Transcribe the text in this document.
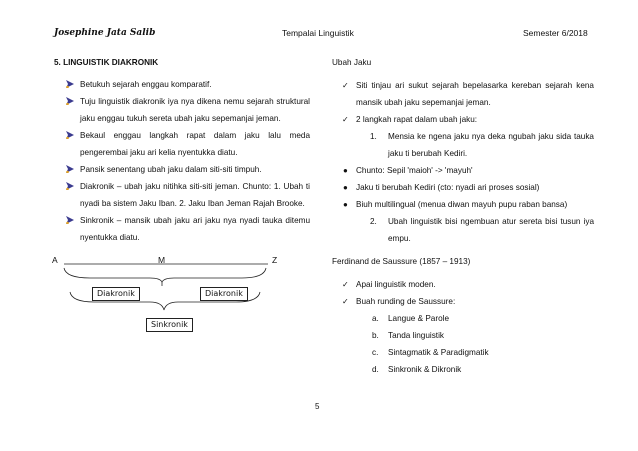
Josephine Jata Salib	Tempalai Linguistik	Semester 6/2018
5. LINGUISTIK DIAKRONIK
Betukuh sejarah enggau komparatif.
Tuju linguistik diakronik iya nya dikena nemu sejarah struktural jaku enggau tukuh sereta ubah jaku sepemanjai jeman.
Bekaul enggau langkah rapat dalam jaku lalu meda pengerembai jaku ari kelia nyentukka diatu.
Pansik senentang ubah jaku dalam siti-siti timpuh.
Diakronik – ubah jaku nitihka siti-siti jeman. Chunto: 1. Ubah ti nyadi ba sistem Jaku Iban. 2. Jaku Iban Jeman Rajah Brooke.
Sinkronik – mansik ubah jaku ari jaku nya nyadi tauka ditemu nyentukka diatu.
A	M	Z
Diakronik	Diakronik
Sinkronik
Ubah Jaku
✓ Siti tinjau ari sukut sejarah bepelasarka kereban sejarah kena mansik ubah jaku sepemanjai jeman.
✓ 2 langkah rapat dalam ubah jaku:
1. Mensia ke ngena jaku nya deka ngubah jaku sida tauka jaku ti berubah Kediri.
● Chunto: Sepil 'maioh' -> 'mayuh'
● Jaku ti berubah Kediri (cto: nyadi ari proses sosial)
● Biuh multilingual (menua diwan mayuh pupu raban bansa)
2. Ubah linguistik bisi ngembuan atur sereta bisi tusun iya empu.
Ferdinand de Saussure (1857 – 1913)
✓ Apai linguistik moden.
✓ Buah runding de Saussure:
a. Langue & Parole
b. Tanda linguistik
c. Sintagmatik & Paradigmatik
d. Sinkronik & Dikronik
5
